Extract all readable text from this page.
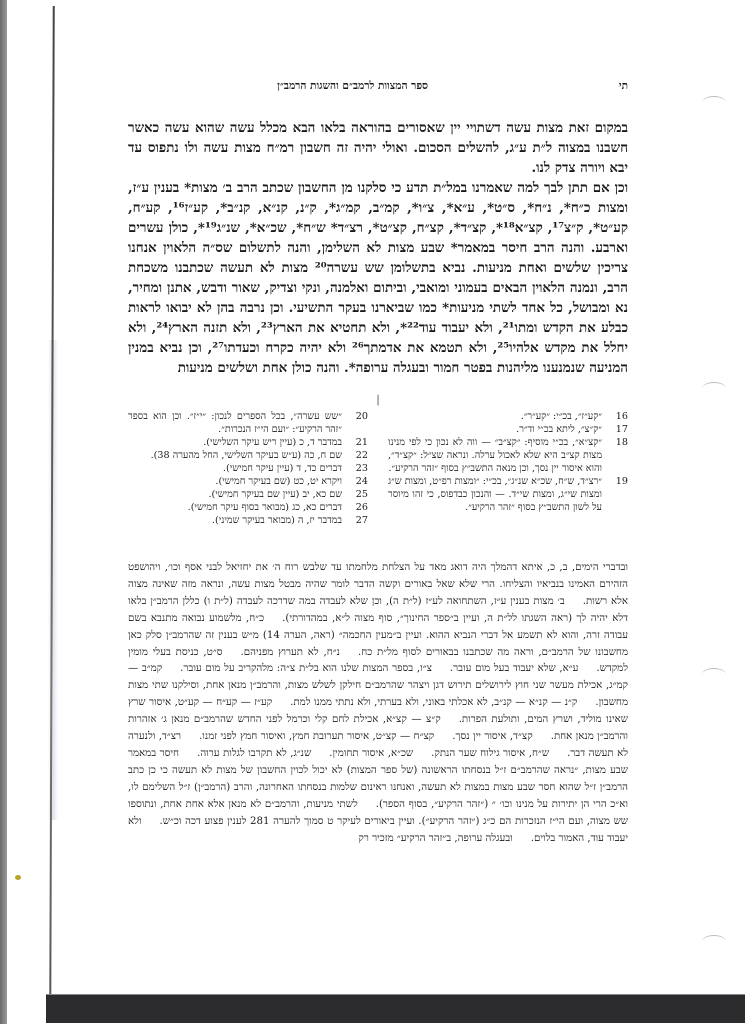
תי
ספר המצוות לרמב״ם והשגות הרמב״ן

במקום זאת מצות עשה דשתויי יין שאסורים בהוראה בלאו הבא מכלל עשה שהוא עשה כאשר חשבנו במצוה ל״ת ע״ג, להשלים הסכום. ואולי יהיה זה חשבון רמ״ח מצות עשה ולו נתפוס עד יבא ויורה צדק לנו.

וכן אם תתן לבך למה שאמרנו במל״ת תדע כי סלקנו מן החשבון שכתב הרב ב׳ מצות* בענין ע״ז, ומצות כ״ח*, נ״ח*, ס״ט*, ע״א*, צ״ו*, קמ״ב, קמ״ג*, ק״נ, קנ״א, קנ״ב*, קע״ז¹⁶, קע״ח, קע״ט*, ק״צ¹⁷, קצ״א¹⁸*, קצ״ד*, קצ״ח, קצ״ט*, רצ״ד* ש״ח*, שכ״א*, שנ״ג¹⁹*, כולן עשרים וארבע. והנה הרב חיסר במאמר* שבע מצות לא השלימן, והנה לתשלום שס״ה הלאוין אנחנו צריכין שלשים ואחת מניעות. נביא בתשלומן שש עשרה²⁰ מצות לא תעשה שכתבנו משכחת הרב, ונמנה הלאוין הבאים בעמוני ומואבי, וביתום ואלמנה, ונקי וצדיק, שאור ודבש, אתנן ומחיר, נא ומבושל, כל אחד לשתי מניעות* כמו שביארנו בעקר התשיעי. וכן נרבה בהן לא יבואו לראות כבלע את הקדש ומתו²¹, ולא יעבוד עוד²²*, ולא תחטיא את הארץ²³, ולא תזנה הארץ²⁴, ולא יחלל את מקדש אלהיו²⁵, ולא תטמא את אדמתך²⁶ ולא יהיה כקרח וכעדתו²⁷, וכן נביא במנין המניעה שנמנענו מליהנות בפטר חמור ובעגלה ערופה*. והנה כולן אחת ושלשים מניעות

׀
16
״קע״ז״, בכ״י: ״קע״ר״.
17
״ק״צ״, ליתא בכ״י וד״ר.
18
״קצ״א״, בכ״י מוסיף: ״קצ״ב״ — ווה לא נכון כי לפי מנינו מצות קצ״ב היא שלא לאכול ערלה. ונראה שצ״ל: ״קצ״ד״, והוא איסור יין נסך, וכן מנאה התשב״ץ בסוף ״זהר הרקיע״.
19
״רצ״ד, ש״ח, שכ״א שנ״ג״, בכ״י: ״ומצות רפ״ט, ומצות ש״ג ומצות שי״ג, ומצות שי״ד. — והנכון כבדפוס, כי זהו מיוסר על לשון התשב״ץ בסוף ״זהר הרקיע״.
20
״שש עשרה״, בכל הספרים לנכון: ״י״ז״. וכן הוא בספר ״זהר הרקיע״: ״ועם הי״ז הנכרות״.
21
במדבר ד, כ (עיין ריש עיקר השלישי).
22
שם ח, כה (ע״ש בעיקר השלישי, החל מהערה 38).
23
דברים כד, ד (עיין עיקר חמישי).
24
ויקרא יט, כט (שם בעיקר חמישי).
25
שם כא, יב (עיין שם בעיקר חמישי).
26
דברים כא, כג (מבואר בסוף עיקר חמישי).
27
במדבר יז, ה (מבואר בעיקר שמיני).

ובדברי הימים, ב, כ, איתא דהמלך היה דואג מאד על הצלחת מלחמתו עד שלבש רוח ה׳ את יחזיאל לבני אסף וכו׳, ויהושפט הזהירם האמינו בנביאיו והצליחו. הרי שלא שאל באורים וקשה הדבר לומר שהיה מבטל מצות עשה, ונראה מזה שאינה מצוה אלא רשות.ב׳ מצות בענין ע״ז, השתחואה לע״ז (ל״ת ה), וכן שלא לעבדה במה שדרכה לעבדה (ל״ת ו) כללן הרמב״ן בלאו דלא יהיה לך (ראה השגתו לל״ת ה, ועיין ב״ספר החינוך״, סוף מצוה ל״א, במהדורתי).כ״ח, מלשמוע נבואה מתנבא בשם עבודה זרה, והוא לא תשמע אל דברי הנביא ההוא. ועיין ב״מעין החכמה״ (ראה, הערה 14) מ״ש בענין זה שהרמב״ן סלק כאן מחשבונו של הרמב״ם, וראה מה שכתבנו בבאורים לסוף מל״ת כח.נ״ח, לא תערוץ מפניהם.ס״ט, כניסת בעלי מומין למקדש.ע״א, שלא יעבוד בעל מום עובר.צ״ו, בספר המצות שלנו הוא בל״ת צ״ה: מלהקריב על מום עובר.קמ״ב — קמ״ג, אכילת מעשר שני חוץ לירושלים תירוש דגן ויצהר שהרמב״ם חילקן לשלש מצות, והרמב״ן מנאן אחת, וסילקנו שתי מצות מחשבון.ק״נ — קנ״א — קנ״ב, לא אכלתי באוני, ולא בערתי, ולא נתתי ממנו למת.קע״ז — קע״ח — קע״ט, איסור שרץ שאינו מוליד, ושרץ המים, ותולעת הפרות.ק״צ — קצ״א, אכילת לחם קלי וכרמל לפני החדש שהרמב״ם מנאן ג׳ אזהרות והרמב״ן מנאן אחת.קצ״ד, איסור יין נסך.קצ״ח — קצ״ט, איסור תערובת חמץ, ואיסור חמץ לפני זמנו.רצ״ד, ולנערה לא תעשה דבר.ש״ח, איסור גילוח שער הנתק.שכ״א, איסור תחומין.שנ״ג, לא תקרבו לגלות ערוה.חיסר במאמר שבע מצות, ״נראה שהרמב״ם ז״ל בנסחתו הראשונה (של ספר המצות) לא יכול לכוין החשבון של מצות לא תעשה כי כן כתב הרמב״ן ז״ל שהוא חסר שבע מצות במצות לא תעשה, ואנחנו ראינום שלמות בנסחתו האחרונה, והרב (הרמב״ן) ז״ל השלימם לו, וא״כ הרי הן יתירות על מנינו וכו׳ ״ (״זהר הרקיע״, בסוף הספר).לשתי מניעות, והרמב״ם לא מנאן אלא אחת אחת, ונתוספו שש מצוה, ועם הי״ז הנזכרות הם כ״ג (״זהר הרקיע״). ועיין ביאורים לעיקר ט סמוך להערה 281 לענין פצוע דכה וכ״ש.ולא יעבוד עוד, האמור בלוים.ובעגלה ערופה, ב״זהר הרקיע״ מזכיר רק
